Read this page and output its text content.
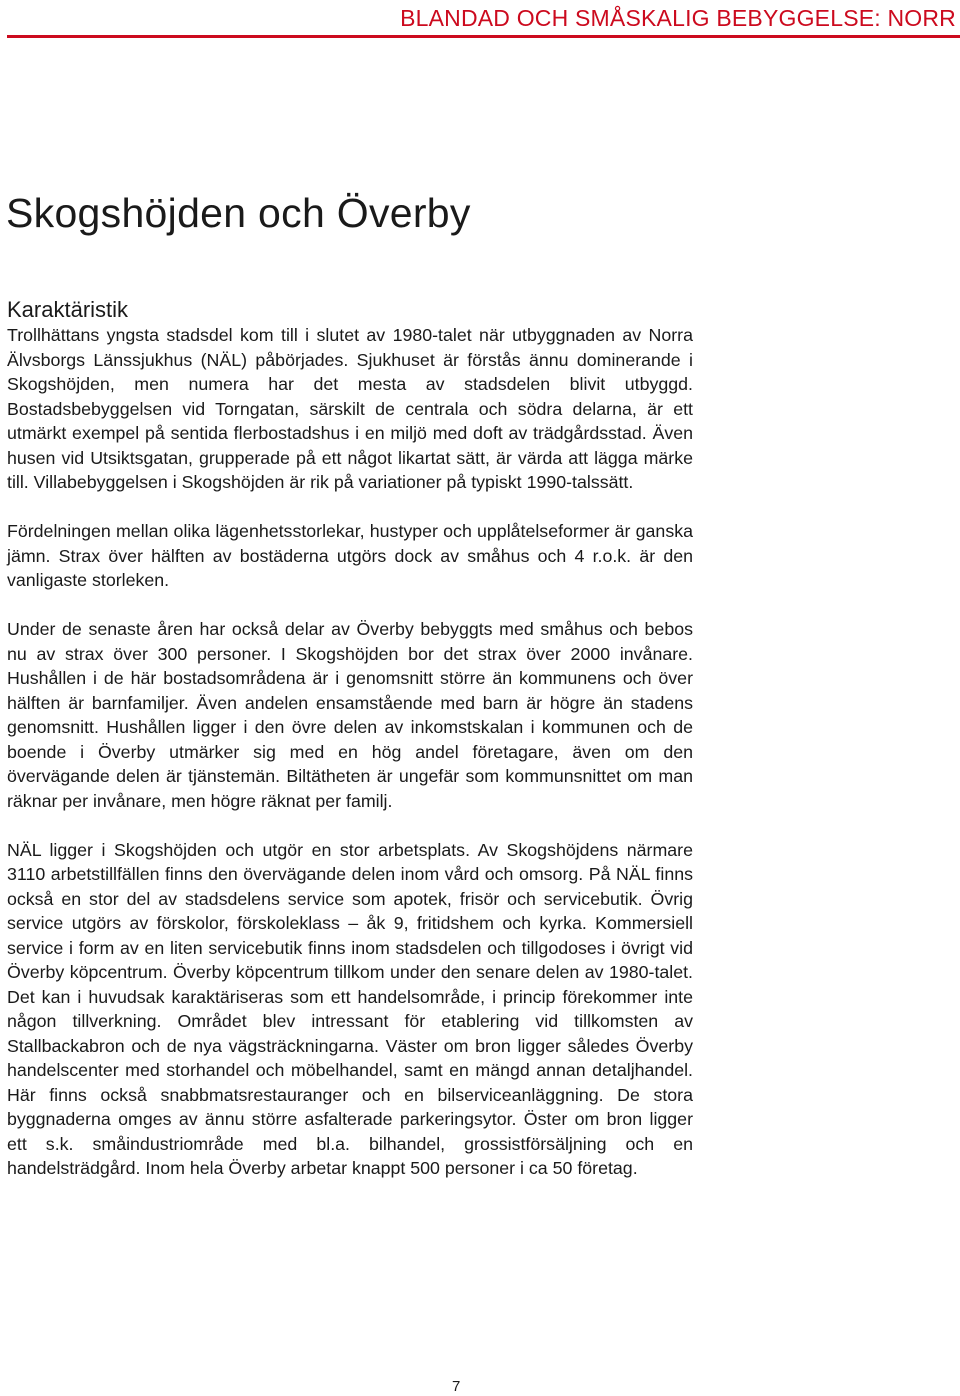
BLANDAD OCH SMÅSKALIG BEBYGGELSE: NORR
Skogshöjden och Överby
Karaktäristik

Trollhättans yngsta stadsdel kom till i slutet av 1980-talet när utbyggnaden av Norra Älvsborgs Länssjukhus (NÄL) påbörjades. Sjukhuset är förstås ännu dominerande i Skogshöjden, men numera har det mesta av stadsdelen blivit utbyggd. Bostadsbebyggelsen vid Torngatan, särskilt de centrala och södra delarna, är ett utmärkt exempel på sentida flerbostadshus i en miljö med doft av trädgårdsstad. Även husen vid Utsiktsgatan, grupperade på ett något likartat sätt, är värda att lägga märke till. Villabebyggelsen i Skogshöjden är rik på variationer på typiskt 1990-talssätt.

Fördelningen mellan olika lägenhetsstorlekar, hustyper och upplåtelseformer är ganska jämn. Strax över hälften av bostäderna utgörs dock av småhus och 4 r.o.k. är den vanligaste storleken.

Under de senaste åren har också delar av Överby bebyggts med småhus och bebos nu av strax över 300 personer. I Skogshöjden bor det strax över 2000 invånare. Hushållen i de här bostadsområdena är i genomsnitt större än kommunens och över hälften är barnfamiljer. Även andelen ensamstående med barn är högre än stadens genomsnitt. Hushållen ligger i den övre delen av inkomstskalan i kommunen och de boende i Överby utmärker sig med en hög andel företagare, även om den övervägande delen är tjänstemän. Biltätheten är ungefär som kommunsnittet om man räknar per invånare, men högre räknat per familj.

NÄL ligger i Skogshöjden och utgör en stor arbetsplats. Av Skogshöjdens närmare 3110 arbetstillfällen finns den övervägande delen inom vård och omsorg. På NÄL finns också en stor del av stadsdelens service som apotek, frisör och servicebutik. Övrig service utgörs av förskolor, förskoleklass – åk 9, fritidshem och kyrka. Kommersiell service i form av en liten servicebutik finns inom stadsdelen och tillgodoses i övrigt vid Överby köpcentrum. Överby köpcentrum tillkom under den senare delen av 1980-talet. Det kan i huvudsak karaktäriseras som ett handelsområde, i princip förekommer inte någon tillverkning. Området blev intressant för etablering vid tillkomsten av Stallbackabron och de nya vägsträckningarna. Väster om bron ligger således Överby handelscenter med storhandel och möbelhandel, samt en mängd annan detaljhandel. Här finns också snabbmatsrestauranger och en bilserviceanläggning. De stora byggnaderna omges av ännu större asfalterade parkeringsytor. Öster om bron ligger ett s.k. småindustriområde med bl.a. bilhandel, grossistförsäljning och en handelsträdgård. Inom hela Överby arbetar knappt 500 personer i ca 50 företag.

7
